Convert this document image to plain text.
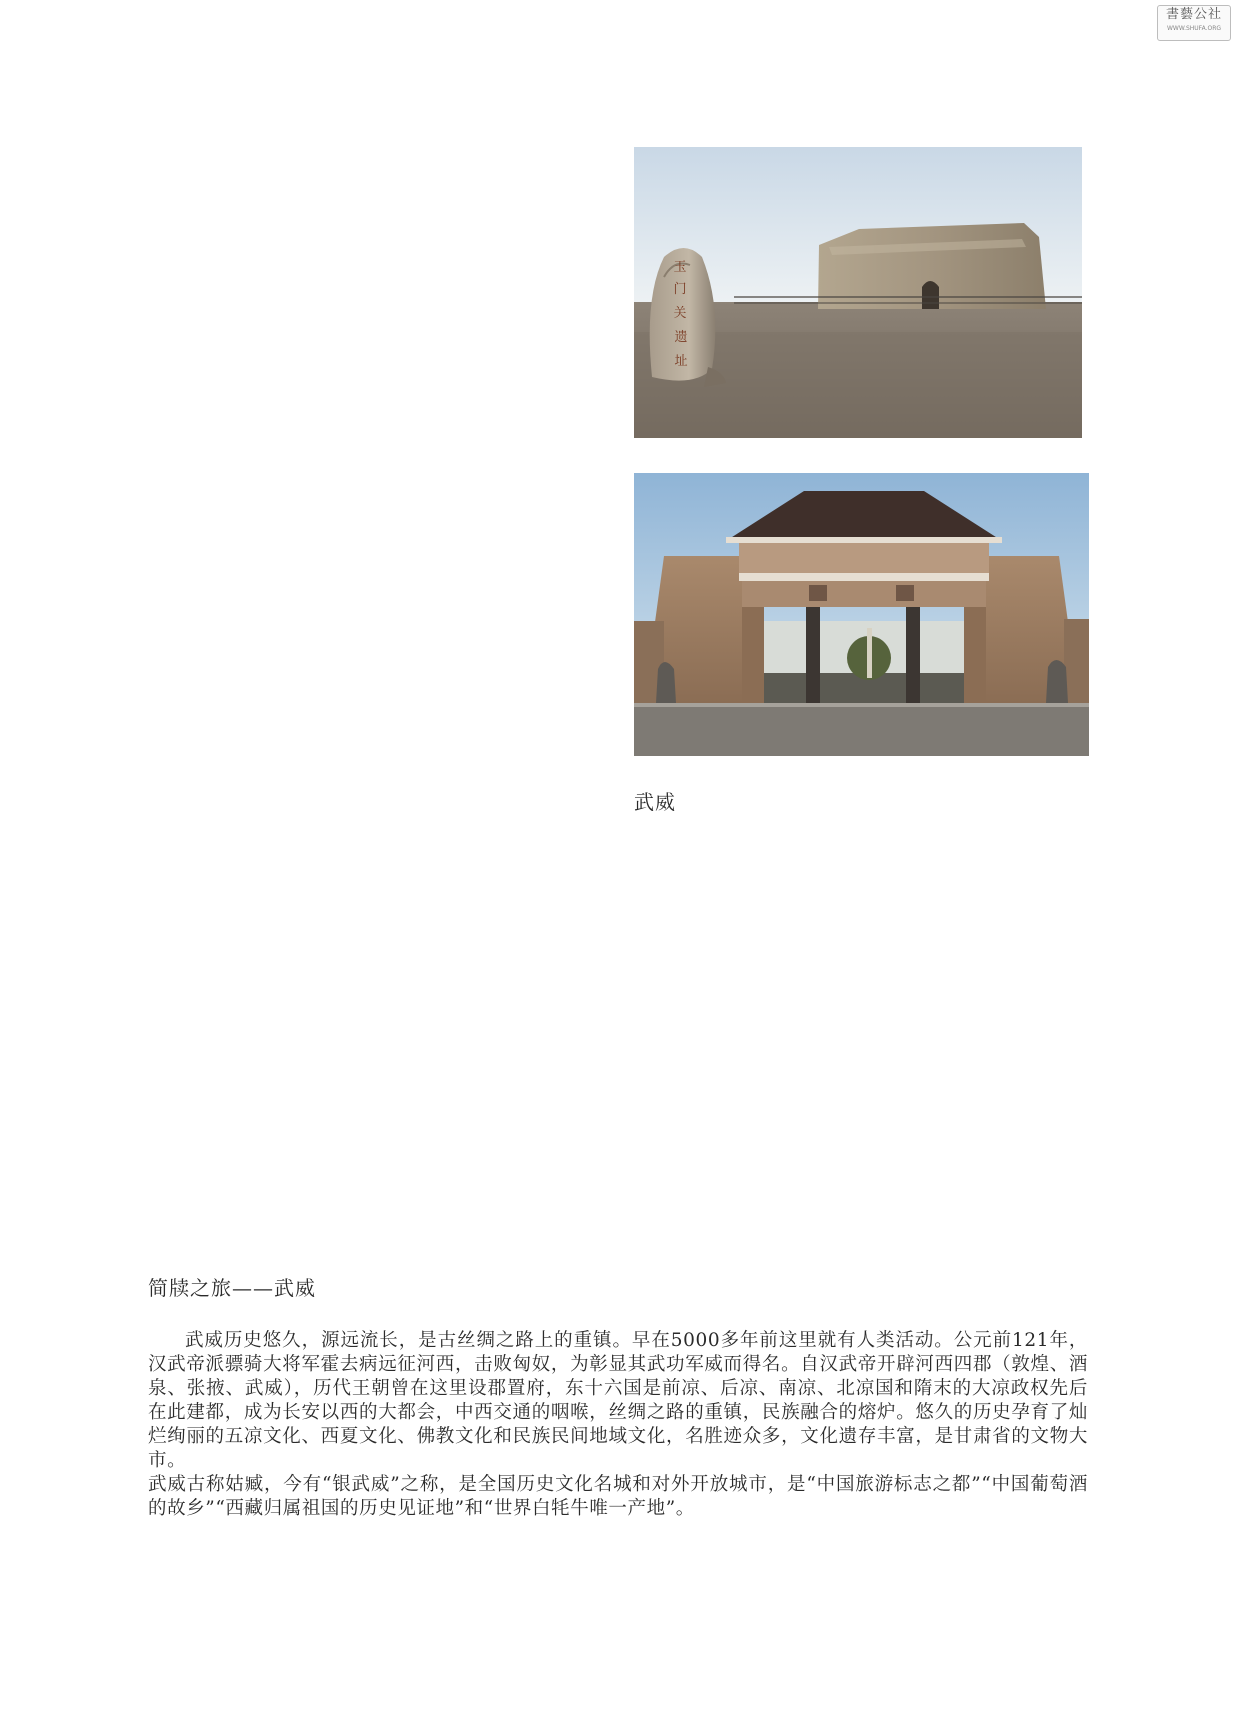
書藝公社
WWW.SHUFA.ORG
玉
门
关
遗
址
武威
简牍之旅——武威

武威历史悠久，源远流长，是古丝绸之路上的重镇。早在5000多年前这里就有人类活动。公元前121年，汉武帝派骠骑大将军霍去病远征河西，击败匈奴，为彰显其武功军威而得名。自汉武帝开辟河西四郡（敦煌、酒泉、张掖、武威），历代王朝曾在这里设郡置府，东十六国是前凉、后凉、南凉、北凉国和隋末的大凉政权先后在此建都，成为长安以西的大都会，中西交通的咽喉，丝绸之路的重镇，民族融合的熔炉。悠久的历史孕育了灿烂绚丽的五凉文化、西夏文化、佛教文化和民族民间地域文化，名胜迹众多，文化遗存丰富，是甘肃省的文物大市。

武威古称姑臧，今有“银武威”之称，是全国历史文化名城和对外开放城市，是“中国旅游标志之都”“中国葡萄酒的故乡”“西藏归属祖国的历史见证地”和“世界白牦牛唯一产地”。
